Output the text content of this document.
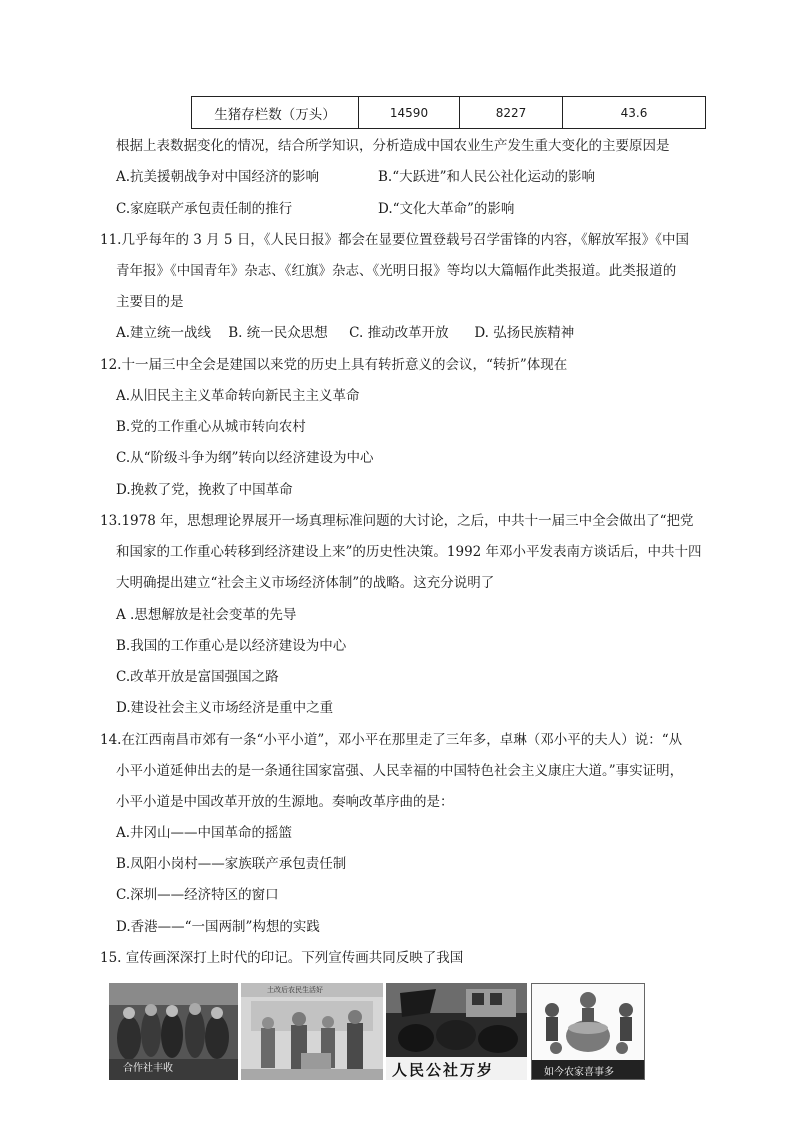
生猪存栏数（万头）	14590	8227	43.6
根据上表数据变化的情况，结合所学知识，分析造成中国农业生产发生重大变化的主要原因是
A.抗美援朝战争对中国经济的影响	B.“大跃进”和人民公社化运动的影响
C.家庭联产承包责任制的推行	D.“文化大革命”的影响
11.几乎每年的 3 月 5 日，《人民日报》都会在显要位置登载号召学雷锋的内容，《解放军报》《中国
青年报》《中国青年》杂志、《红旗》杂志、《光明日报》等均以大篇幅作此类报道。此类报道的
主要目的是
A.建立统一战线    B. 统一民众思想     C. 推动改革开放      D. 弘扬民族精神
12.十一届三中全会是建国以来党的历史上具有转折意义的会议，“转折”体现在
A.从旧民主主义革命转向新民主主义革命
B.党的工作重心从城市转向农村
C.从“阶级斗争为纲”转向以经济建设为中心
D.挽救了党，挽救了中国革命
13.1978 年，思想理论界展开一场真理标准问题的大讨论，之后，中共十一届三中全会做出了“把党
和国家的工作重心转移到经济建设上来”的历史性决策。1992 年邓小平发表南方谈话后，中共十四
大明确提出建立“社会主义市场经济体制”的战略。这充分说明了
A .思想解放是社会变革的先导
B.我国的工作重心是以经济建设为中心
C.改革开放是富国强国之路
D.建设社会主义市场经济是重中之重
14.在江西南昌市郊有一条“小平小道”，邓小平在那里走了三年多，卓琳（邓小平的夫人）说：“从
小平小道延伸出去的是一条通往国家富强、人民幸福的中国特色社会主义康庄大道。”事实证明，
小平小道是中国改革开放的生源地。奏响改革序曲的是：
A.井冈山——中国革命的摇篮
B.凤阳小岗村——家族联产承包责任制
C.深圳——经济特区的窗口
D.香港——“一国两制”构想的实践
15. 宣传画深深打上时代的印记。下列宣传画共同反映了我国
合作社丰收
土改后农民生活好
人民公社万岁	如今农家喜事多
